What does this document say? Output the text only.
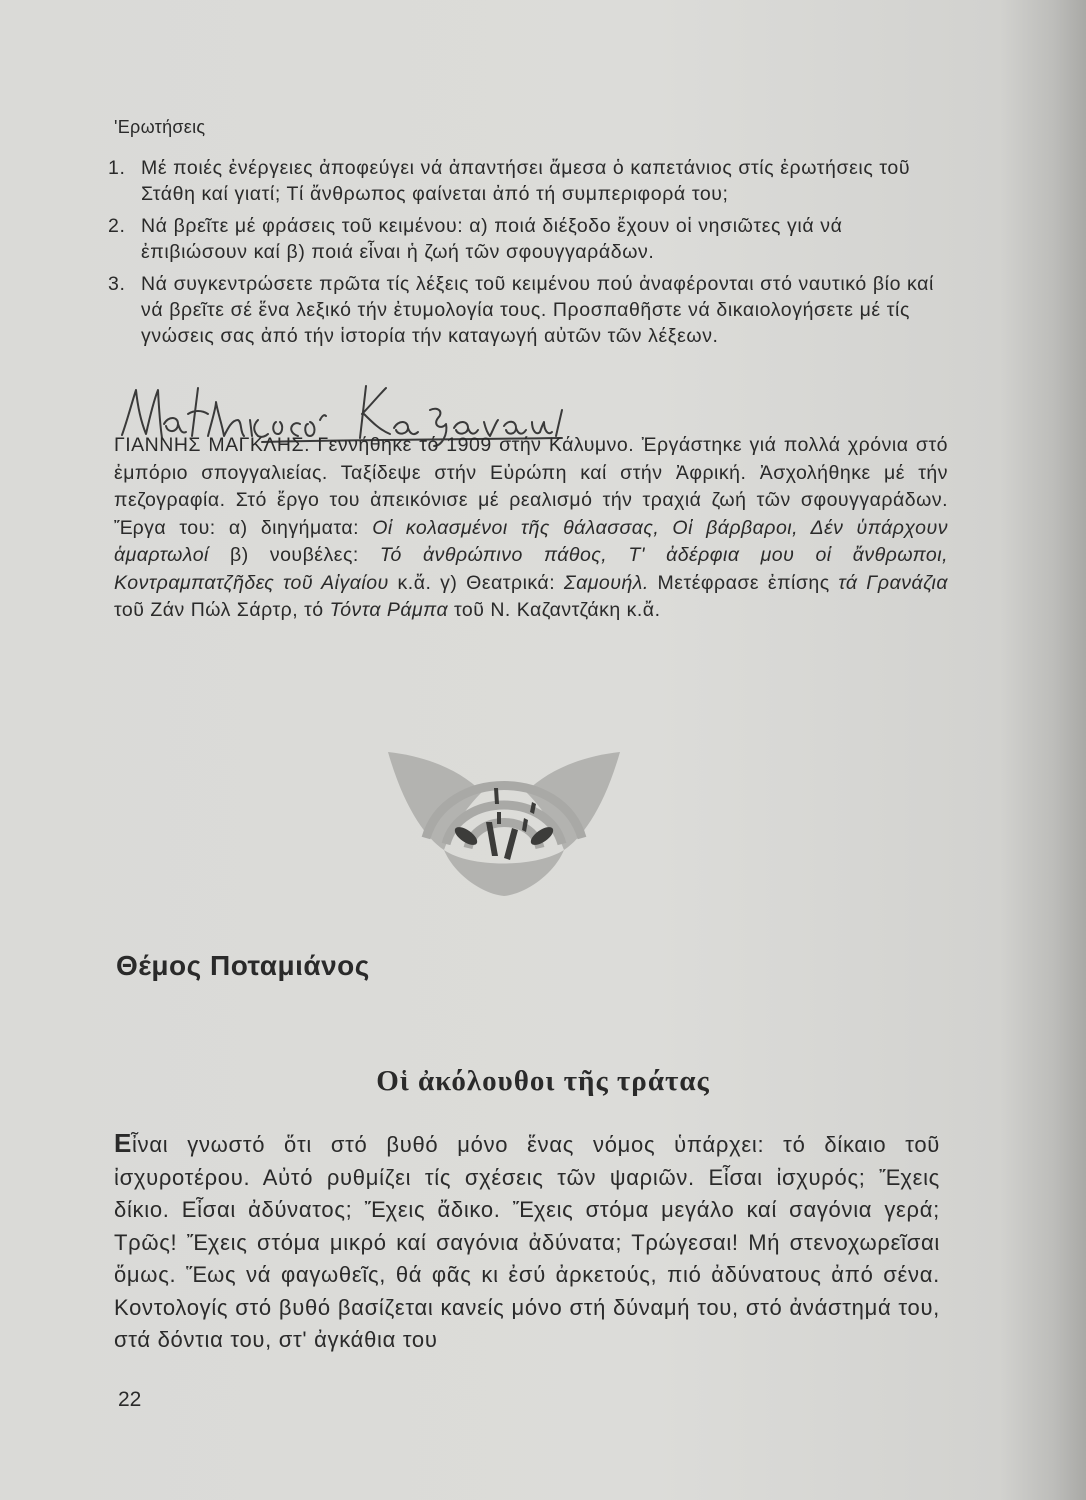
'Ερωτήσεις
1. Μέ ποιές ἐνέργειες ἀποφεύγει νά ἀπαντήσει ἄμεσα ὁ καπετάνιος στίς ἐρωτήσεις τοῦ Στάθη καί γιατί; Τί ἄνθρωπος φαίνεται ἀπό τή συμπεριφορά του;
2. Νά βρεῖτε μέ φράσεις τοῦ κειμένου: α) ποιά διέξοδο ἔχουν οἱ νησιῶτες γιά νά ἐπιβιώσουν καί β) ποιά εἶναι ἡ ζωή τῶν σφουγγαράδων.
3. Νά συγκεντρώσετε πρῶτα τίς λέξεις τοῦ κειμένου πού ἀναφέρονται στό ναυτικό βίο καί νά βρεῖτε σέ ἕνα λεξικό τήν ἐτυμολογία τους. Προσπαθῆστε νά δικαιολογήσετε μέ τίς γνώσεις σας ἀπό τήν ἱστορία τήν καταγωγή αὐτῶν τῶν λέξεων.

ΓΙΑΝΝΗΣ ΜΑΓΚΛΗΣ. Γεννήθηκε τό 1909 στήν Κάλυμνο. Ἐργάστηκε γιά πολλά χρόνια στό ἐμπόριο σπογγαλιείας. Ταξίδεψε στήν Εὐρώπη καί στήν Ἀφρική. Ἀσχολήθηκε μέ τήν πεζογραφία. Στό ἔργο του ἀπεικόνισε μέ ρεαλισμό τήν τραχιά ζωή τῶν σφουγγαράδων. Ἔργα του: α) διηγήματα: Οἱ κολασμένοι τῆς θάλασσας, Οἱ βάρβαροι, Δέν ὑπάρχουν ἁμαρτωλοί β) νουβέλες: Τό ἀνθρώπινο πάθος, Τ' ἀδέρφια μου οἱ ἄνθρωποι, Κοντραμπατζῆδες τοῦ Αἰγαίου κ.ἄ. γ) Θεατρικά: Σαμουήλ. Μετέφρασε ἐπίσης τά Γρανάζια τοῦ Ζάν Πώλ Σάρτρ, τό Τόντα Ράμπα τοῦ Ν. Καζαντζάκη κ.ἄ.

Θέμος Ποταμιάνος
Οἱ ἀκόλουθοι τῆς τράτας

Εἶναι γνωστό ὅτι στό βυθό μόνο ἕνας νόμος ὑπάρχει: τό δίκαιο τοῦ ἰσχυροτέρου. Αὐτό ρυθμίζει τίς σχέσεις τῶν ψαριῶν. Εἶσαι ἰσχυρός; Ἔχεις δίκιο. Εἶσαι ἀδύνατος; Ἔχεις ἄδικο. Ἔχεις στόμα μεγάλο καί σαγόνια γερά; Τρῶς! Ἔχεις στόμα μικρό καί σαγόνια ἀδύνατα; Τρώγεσαι! Μή στενοχωρεῖσαι ὅμως. Ἕως νά φαγωθεῖς, θά φᾶς κι ἐσύ ἀρκετούς, πιό ἀδύνατους ἀπό σένα. Κοντολογίς στό βυθό βασίζεται κανείς μόνο στή δύναμή του, στό ἀνάστημά του, στά δόντια του, στ' ἀγκάθια του

22
